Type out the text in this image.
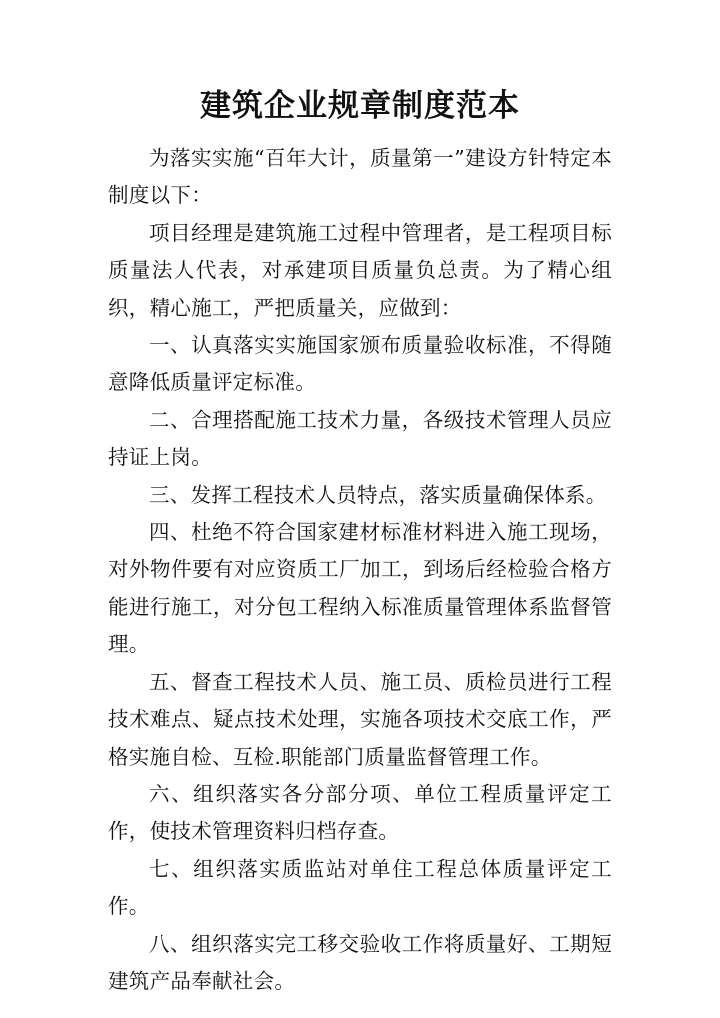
建筑企业规章制度范本

为落实实施“百年大计，质量第一”建设方针特定本制度以下：

项目经理是建筑施工过程中管理者，是工程项目标质量法人代表，对承建项目质量负总责。为了精心组织，精心施工，严把质量关，应做到：

一、认真落实实施国家颁布质量验收标准，不得随意降低质量评定标准。

二、合理搭配施工技术力量，各级技术管理人员应持证上岗。

三、发挥工程技术人员特点，落实质量确保体系。

四、杜绝不符合国家建材标准材料进入施工现场，对外物件要有对应资质工厂加工，到场后经检验合格方能进行施工，对分包工程纳入标准质量管理体系监督管理。

五、督查工程技术人员、施工员、质检员进行工程技术难点、疑点技术处理，实施各项技术交底工作，严格实施自检、互检.职能部门质量监督管理工作。

六、组织落实各分部分项、单位工程质量评定工作，使技术管理资料归档存查。

七、组织落实质监站对单住工程总体质量评定工作。

八、组织落实完工移交验收工作将质量好、工期短建筑产品奉献社会。
